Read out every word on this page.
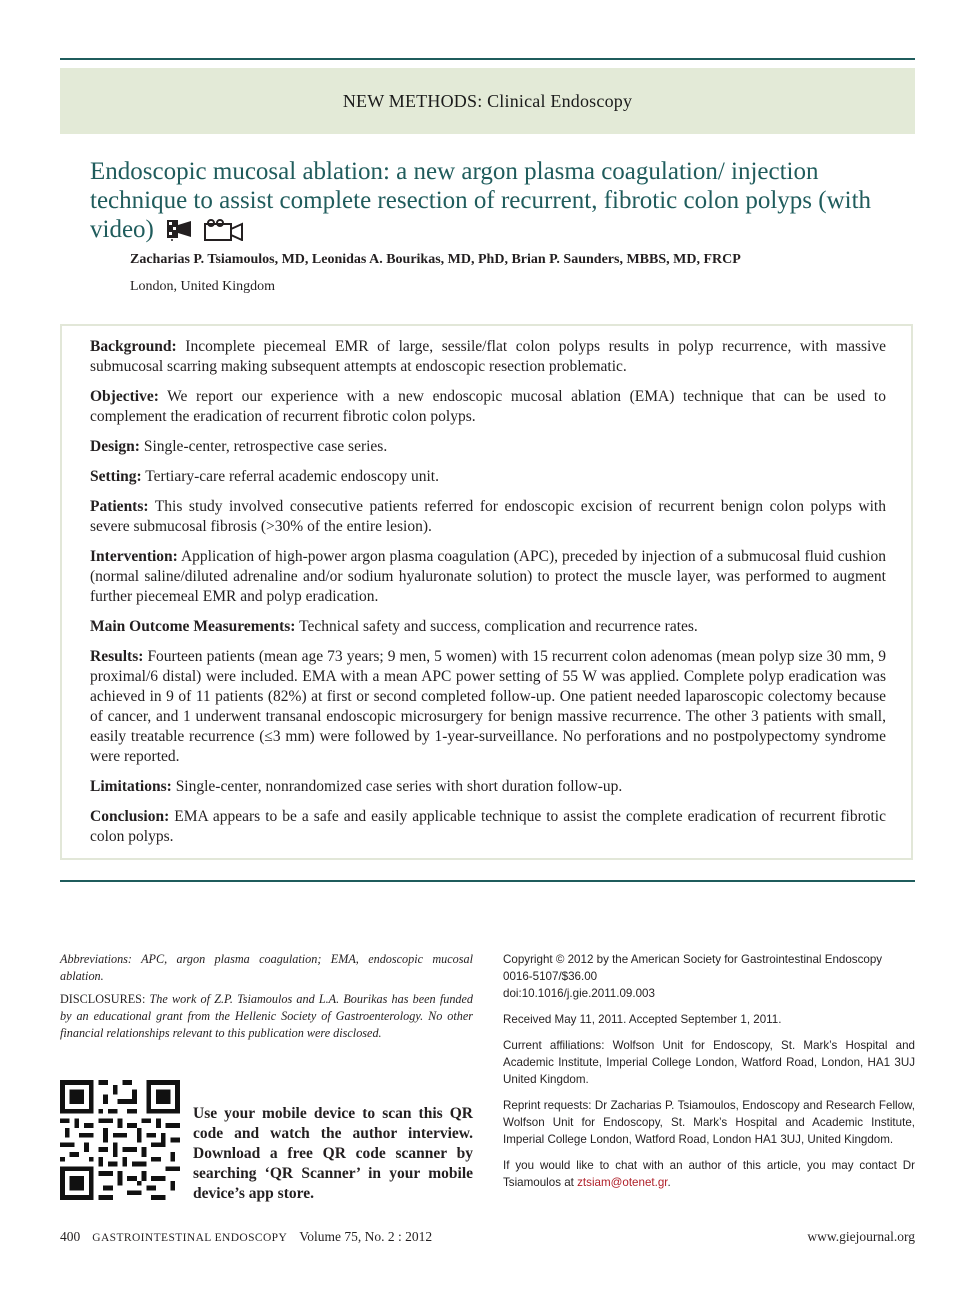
NEW METHODS: Clinical Endoscopy
Endoscopic mucosal ablation: a new argon plasma coagulation/ injection technique to assist complete resection of recurrent, fibrotic colon polyps (with video)
Zacharias P. Tsiamoulos, MD, Leonidas A. Bourikas, MD, PhD, Brian P. Saunders, MBBS, MD, FRCP
London, United Kingdom

Background: Incomplete piecemeal EMR of large, sessile/flat colon polyps results in polyp recurrence, with massive submucosal scarring making subsequent attempts at endoscopic resection problematic.

Objective: We report our experience with a new endoscopic mucosal ablation (EMA) technique that can be used to complement the eradication of recurrent fibrotic colon polyps.

Design: Single-center, retrospective case series.

Setting: Tertiary-care referral academic endoscopy unit.

Patients: This study involved consecutive patients referred for endoscopic excision of recurrent benign colon polyps with severe submucosal fibrosis (>30% of the entire lesion).

Intervention: Application of high-power argon plasma coagulation (APC), preceded by injection of a submucosal fluid cushion (normal saline/diluted adrenaline and/or sodium hyaluronate solution) to protect the muscle layer, was performed to augment further piecemeal EMR and polyp eradication.

Main Outcome Measurements: Technical safety and success, complication and recurrence rates.

Results: Fourteen patients (mean age 73 years; 9 men, 5 women) with 15 recurrent colon adenomas (mean polyp size 30 mm, 9 proximal/6 distal) were included. EMA with a mean APC power setting of 55 W was applied. Complete polyp eradication was achieved in 9 of 11 patients (82%) at first or second completed follow-up. One patient needed laparoscopic colectomy because of cancer, and 1 underwent transanal endoscopic microsurgery for benign massive recurrence. The other 3 patients with small, easily treatable recurrence (≤3 mm) were followed by 1-year-surveillance. No perforations and no postpolypectomy syndrome were reported.

Limitations: Single-center, nonrandomized case series with short duration follow-up.

Conclusion: EMA appears to be a safe and easily applicable technique to assist the complete eradication of recurrent fibrotic colon polyps.

Abbreviations: APC, argon plasma coagulation; EMA, endoscopic mucosal ablation.

DISCLOSURES: The work of Z.P. Tsiamoulos and L.A. Bourikas has been funded by an educational grant from the Hellenic Society of Gastroenterology. No other financial relationships relevant to this publication were disclosed.

Use your mobile device to scan this QR code and watch the author interview. Download a free QR code scanner by searching ‘QR Scanner’ in your mobile device’s app store.

Copyright © 2012 by the American Society for Gastrointestinal Endoscopy

0016-5107/$36.00

doi:10.1016/j.gie.2011.09.003

Received May 11, 2011. Accepted September 1, 2011.

Current affiliations: Wolfson Unit for Endoscopy, St. Mark’s Hospital and Academic Institute, Imperial College London, Watford Road, London, HA1 3UJ United Kingdom.

Reprint requests: Dr Zacharias P. Tsiamoulos, Endoscopy and Research Fellow, Wolfson Unit for Endoscopy, St. Mark’s Hospital and Academic Institute, Imperial College London, Watford Road, London HA1 3UJ, United Kingdom.

If you would like to chat with an author of this article, you may contact Dr Tsiamoulos at ztsiam@otenet.gr.

400 GASTROINTESTINAL ENDOSCOPY Volume 75, No. 2 : 2012	www.giejournal.org
